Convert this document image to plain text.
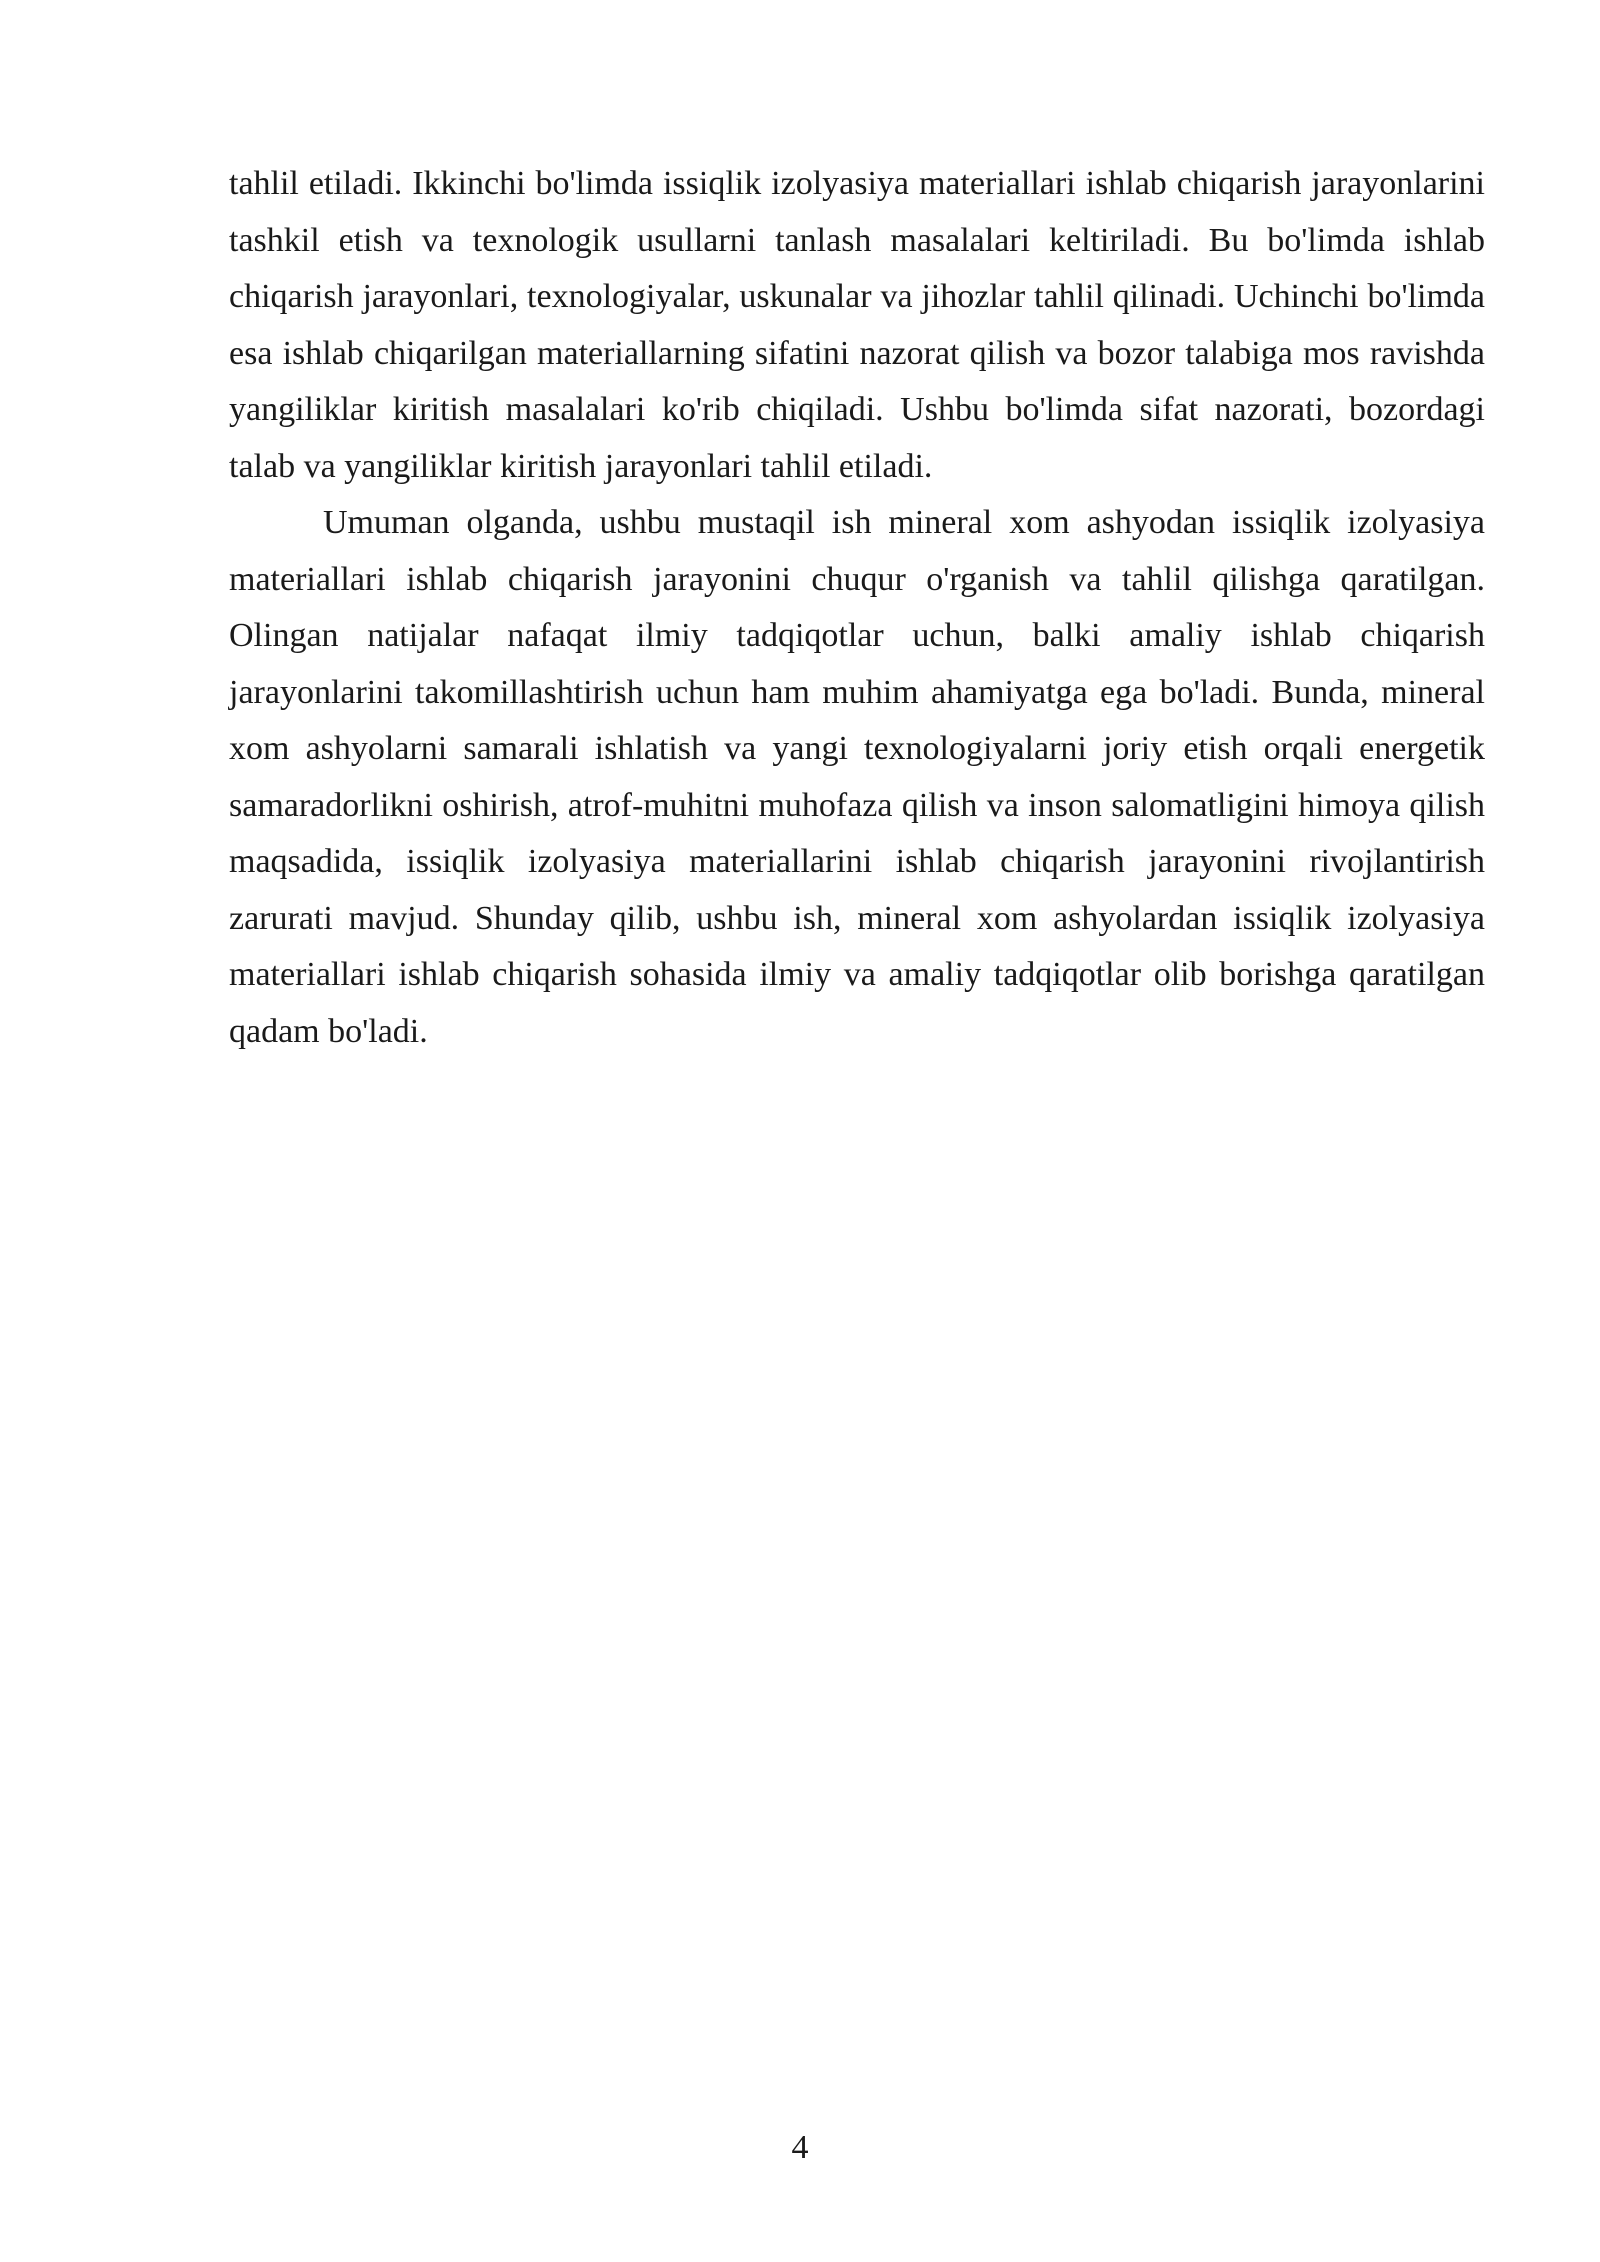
tahlil etiladi. Ikkinchi bo'limda issiqlik izolyasiya materiallari ishlab chiqarish jarayonlarini tashkil etish va texnologik usullarni tanlash masalalari keltiriladi. Bu bo'limda ishlab chiqarish jarayonlari, texnologiyalar, uskunalar va jihozlar tahlil qilinadi. Uchinchi bo'limda esa ishlab chiqarilgan materiallarning sifatini nazorat qilish va bozor talabiga mos ravishda yangiliklar kiritish masalalari ko'rib chiqiladi. Ushbu bo'limda sifat nazorati, bozordagi talab va yangiliklar kiritish jarayonlari tahlil etiladi.

Umuman olganda, ushbu mustaqil ish mineral xom ashyodan issiqlik izolyasiya materiallari ishlab chiqarish jarayonini chuqur o'rganish va tahlil qilishga qaratilgan. Olingan natijalar nafaqat ilmiy tadqiqotlar uchun, balki amaliy ishlab chiqarish jarayonlarini takomillashtirish uchun ham muhim ahamiyatga ega bo'ladi. Bunda, mineral xom ashyolarni samarali ishlatish va yangi texnologiyalarni joriy etish orqali energetik samaradorlikni oshirish, atrof-muhitni muhofaza qilish va inson salomatligini himoya qilish maqsadida, issiqlik izolyasiya materiallarini ishlab chiqarish jarayonini rivojlantirish zarurati mavjud. Shunday qilib, ushbu ish, mineral xom ashyolardan issiqlik izolyasiya materiallari ishlab chiqarish sohasida ilmiy va amaliy tadqiqotlar olib borishga qaratilgan qadam bo'ladi.

4
